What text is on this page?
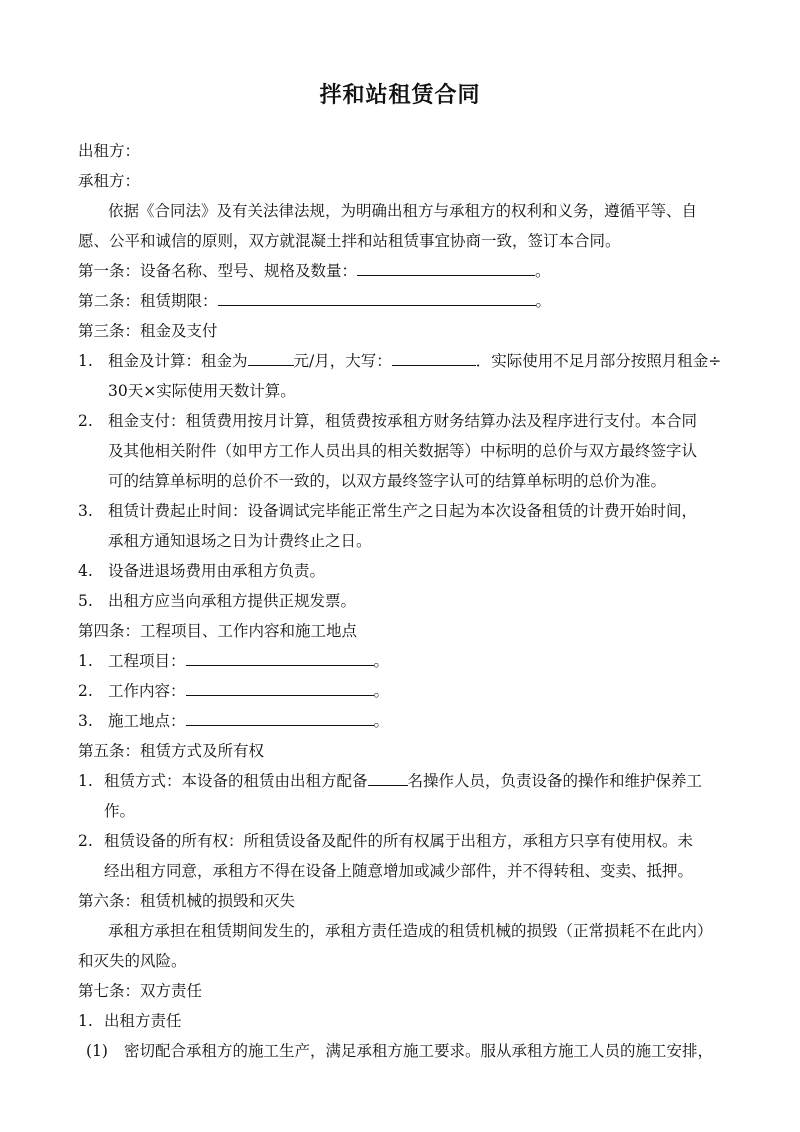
拌和站租赁合同
出租方：
承租方：
依据《合同法》及有关法律法规，为明确出租方与承租方的权利和义务，遵循平等、自
愿、公平和诚信的原则，双方就混凝土拌和站租赁事宜协商一致，签订本合同。
第一条：设备名称、型号、规格及数量：	。
第二条：租赁期限：	。
第三条：租金及支付
1. 租金及计算：租金为	元/月，大写：	．实际使用不足月部分按照月租金÷
30天×实际使用天数计算。
2. 租金支付：租赁费用按月计算，租赁费按承租方财务结算办法及程序进行支付。本合同
及其他相关附件（如甲方工作人员出具的相关数据等）中标明的总价与双方最终签字认
可的结算单标明的总价不一致的，以双方最终签字认可的结算单标明的总价为准。
3. 租赁计费起止时间：设备调试完毕能正常生产之日起为本次设备租赁的计费开始时间，
承租方通知退场之日为计费终止之日。
4. 设备进退场费用由承租方负责。
5. 出租方应当向承租方提供正规发票。
第四条：工程项目、工作内容和施工地点
1. 工程项目：	。
2. 工作内容：	。
3. 施工地点：	。
第五条：租赁方式及所有权
1. 租赁方式：本设备的租赁由出租方配备	名操作人员，负责设备的操作和维护保养工
作。
2. 租赁设备的所有权：所租赁设备及配件的所有权属于出租方，承租方只享有使用权。未
经出租方同意，承租方不得在设备上随意增加或减少部件，并不得转租、变卖、抵押。
第六条：租赁机械的损毁和灭失
承租方承担在租赁期间发生的，承租方责任造成的租赁机械的损毁（正常损耗不在此内）
和灭失的风险。
第七条：双方责任
1. 出租方责任
(1) 密切配合承租方的施工生产，满足承租方施工要求。服从承租方施工人员的施工安排，
